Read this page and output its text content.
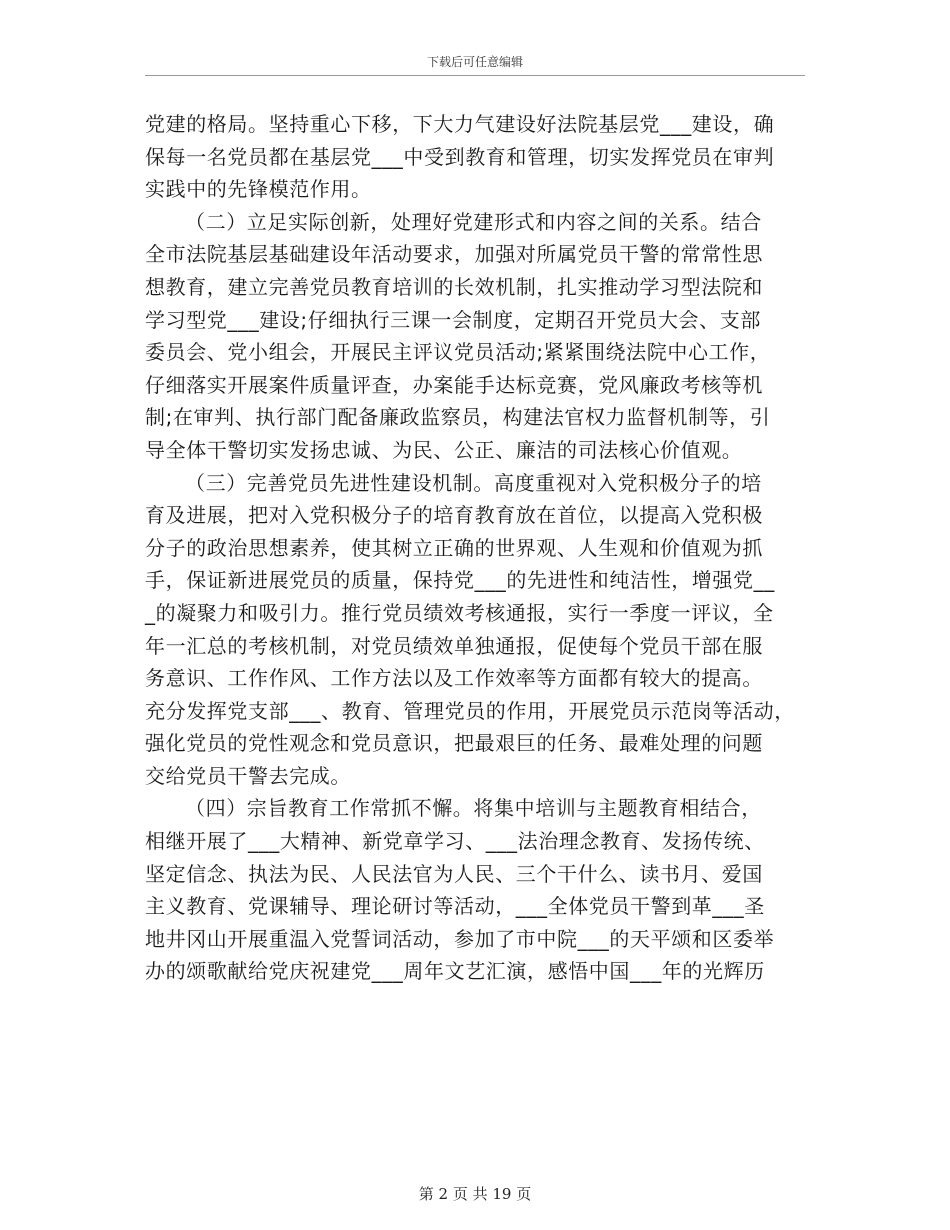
下载后可任意编辑
党建的格局。坚持重心下移，下大力气建设好法院基层党___建设，确
保每一名党员都在基层党___中受到教育和管理，切实发挥党员在审判
实践中的先锋模范作用。
（二）立足实际创新，处理好党建形式和内容之间的关系。结合
全市法院基层基础建设年活动要求，加强对所属党员干警的常常性思
想教育，建立完善党员教育培训的长效机制，扎实推动学习型法院和
学习型党___建设;仔细执行三课一会制度，定期召开党员大会、支部
委员会、党小组会，开展民主评议党员活动;紧紧围绕法院中心工作，
仔细落实开展案件质量评查，办案能手达标竞赛，党风廉政考核等机
制;在审判、执行部门配备廉政监察员，构建法官权力监督机制等，引
导全体干警切实发扬忠诚、为民、公正、廉洁的司法核心价值观。
（三）完善党员先进性建设机制。高度重视对入党积极分子的培
育及进展，把对入党积极分子的培育教育放在首位，以提高入党积极
分子的政治思想素养，使其树立正确的世界观、人生观和价值观为抓
手，保证新进展党员的质量，保持党___的先进性和纯洁性，增强党__
_的凝聚力和吸引力。推行党员绩效考核通报，实行一季度一评议，全
年一汇总的考核机制，对党员绩效单独通报，促使每个党员干部在服
务意识、工作作风、工作方法以及工作效率等方面都有较大的提高。
充分发挥党支部___、教育、管理党员的作用，开展党员示范岗等活动，
强化党员的党性观念和党员意识，把最艰巨的任务、最难处理的问题
交给党员干警去完成。
（四）宗旨教育工作常抓不懈。将集中培训与主题教育相结合，
相继开展了___大精神、新党章学习、___法治理念教育、发扬传统、
坚定信念、执法为民、人民法官为人民、三个干什么、读书月、爱国
主义教育、党课辅导、理论研讨等活动，___全体党员干警到革___圣
地井冈山开展重温入党誓词活动，参加了市中院___的天平颂和区委举
办的颂歌献给党庆祝建党___周年文艺汇演，感悟中国___年的光辉历
第 2 页 共 19 页
